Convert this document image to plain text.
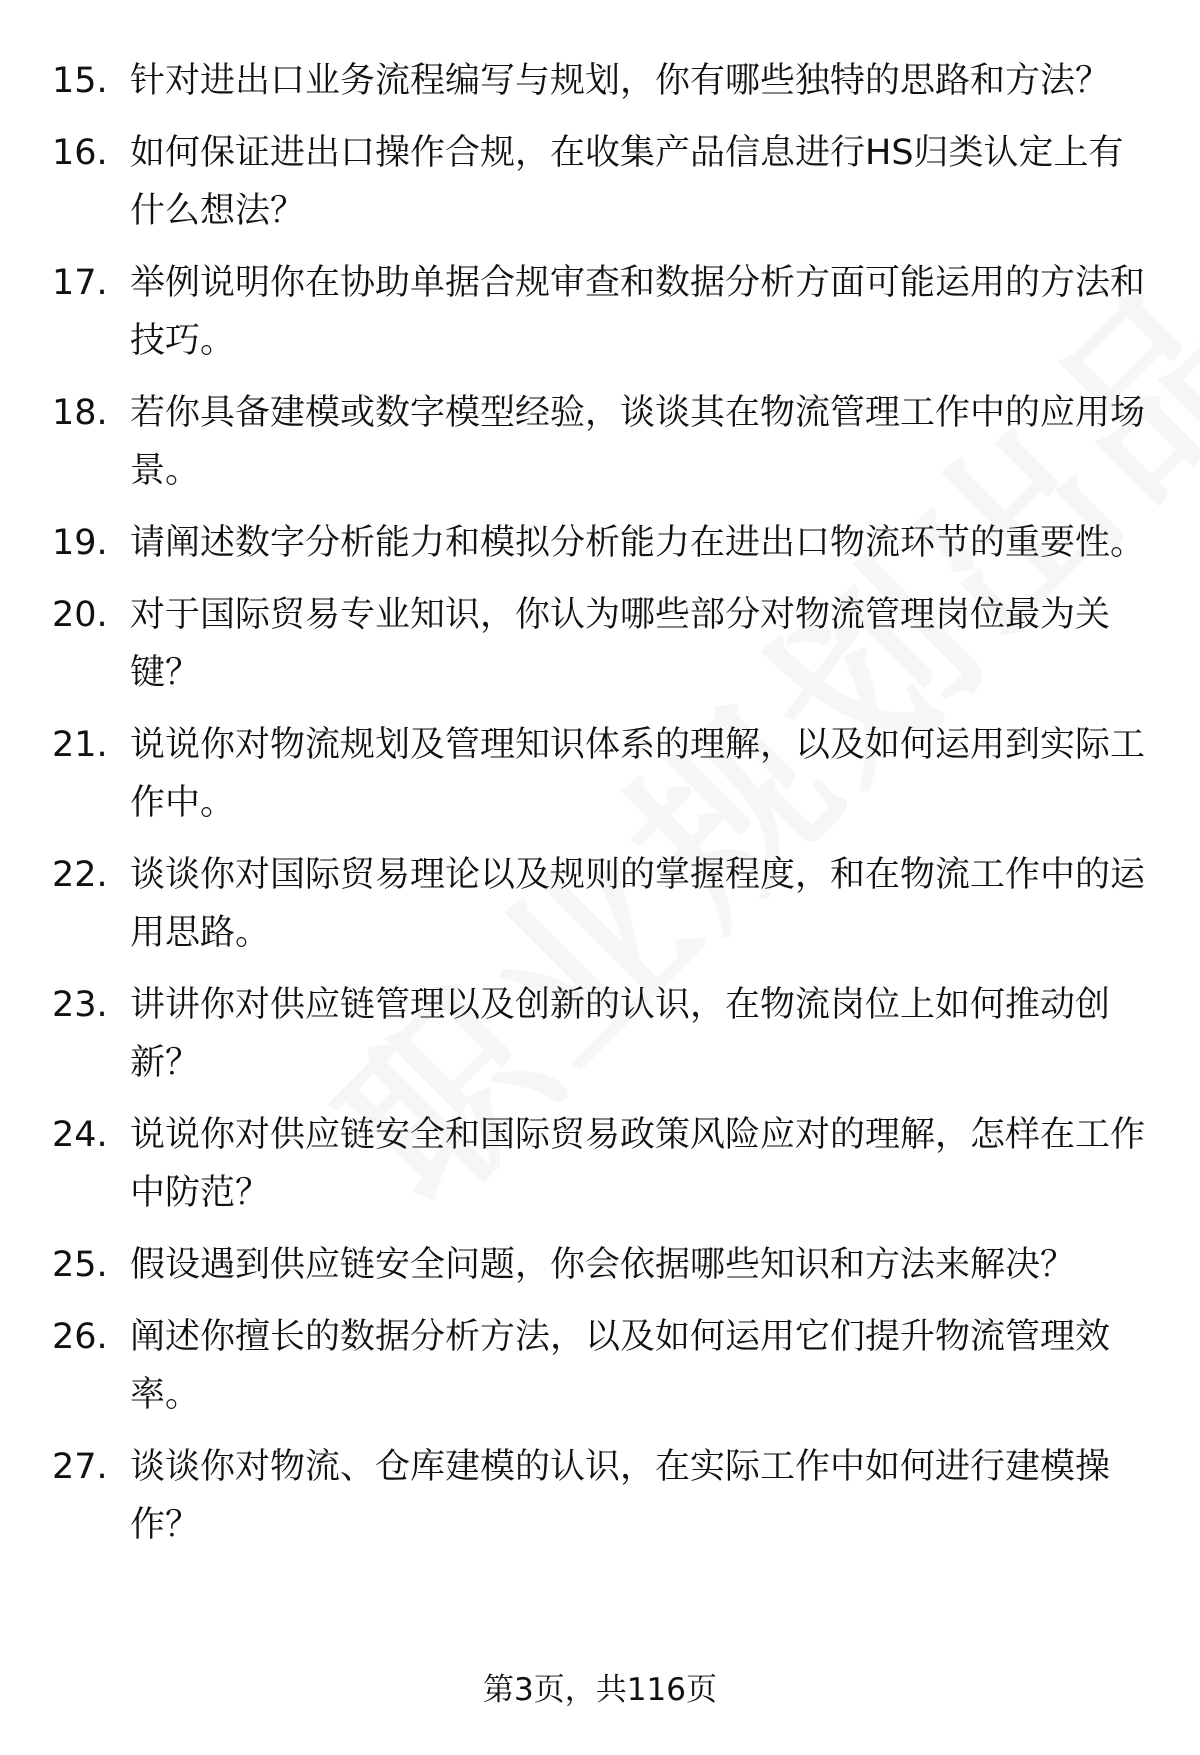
15. 针对进出口业务流程编写与规划，你有哪些独特的思路和方法？
16. 如何保证进出口操作合规，在收集产品信息进行HS归类认定上有什么想法？
17. 举例说明你在协助单据合规审查和数据分析方面可能运用的方法和技巧。
18. 若你具备建模或数字模型经验，谈谈其在物流管理工作中的应用场景。
19. 请阐述数字分析能力和模拟分析能力在进出口物流环节的重要性。
20. 对于国际贸易专业知识，你认为哪些部分对物流管理岗位最为关键？
21. 说说你对物流规划及管理知识体系的理解，以及如何运用到实际工作中。
22. 谈谈你对国际贸易理论以及规则的掌握程度，和在物流工作中的运用思路。
23. 讲讲你对供应链管理以及创新的认识，在物流岗位上如何推动创新？
24. 说说你对供应链安全和国际贸易政策风险应对的理解，怎样在工作中防范？
25. 假设遇到供应链安全问题，你会依据哪些知识和方法来解决？
26. 阐述你擅长的数据分析方法，以及如何运用它们提升物流管理效率。
27. 谈谈你对物流、仓库建模的认识，在实际工作中如何进行建模操作？
第3页，共116页
